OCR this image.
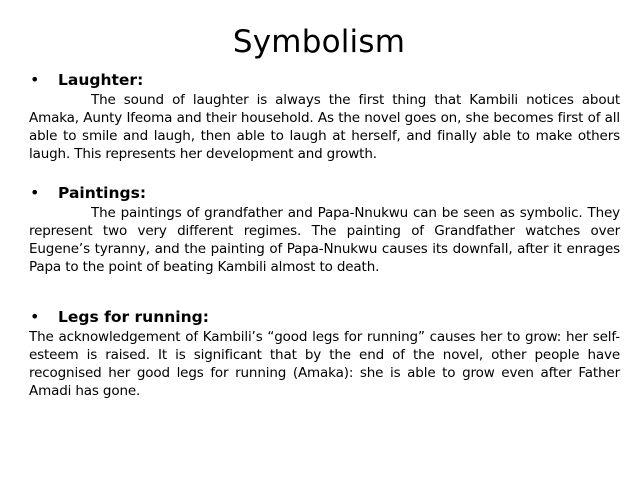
Symbolism
• Laughter:
The sound of laughter is always the first thing that Kambili notices about Amaka, Aunty Ifeoma and their household. As the novel goes on, she becomes first of all able to smile and laugh, then able to laugh at herself, and finally able to make others laugh. This represents her development and growth.
• Paintings:
The paintings of grandfather and Papa-Nnukwu can be seen as symbolic. They represent two very different regimes. The painting of Grandfather watches over Eugene’s tyranny, and the painting of Papa-Nnukwu causes its downfall, after it enrages Papa to the point of beating Kambili almost to death.
• Legs for running:
The acknowledgement of Kambili’s “good legs for running” causes her to grow: her self-esteem is raised. It is significant that by the end of the novel, other people have recognised her good legs for running (Amaka): she is able to grow even after Father Amadi has gone.
